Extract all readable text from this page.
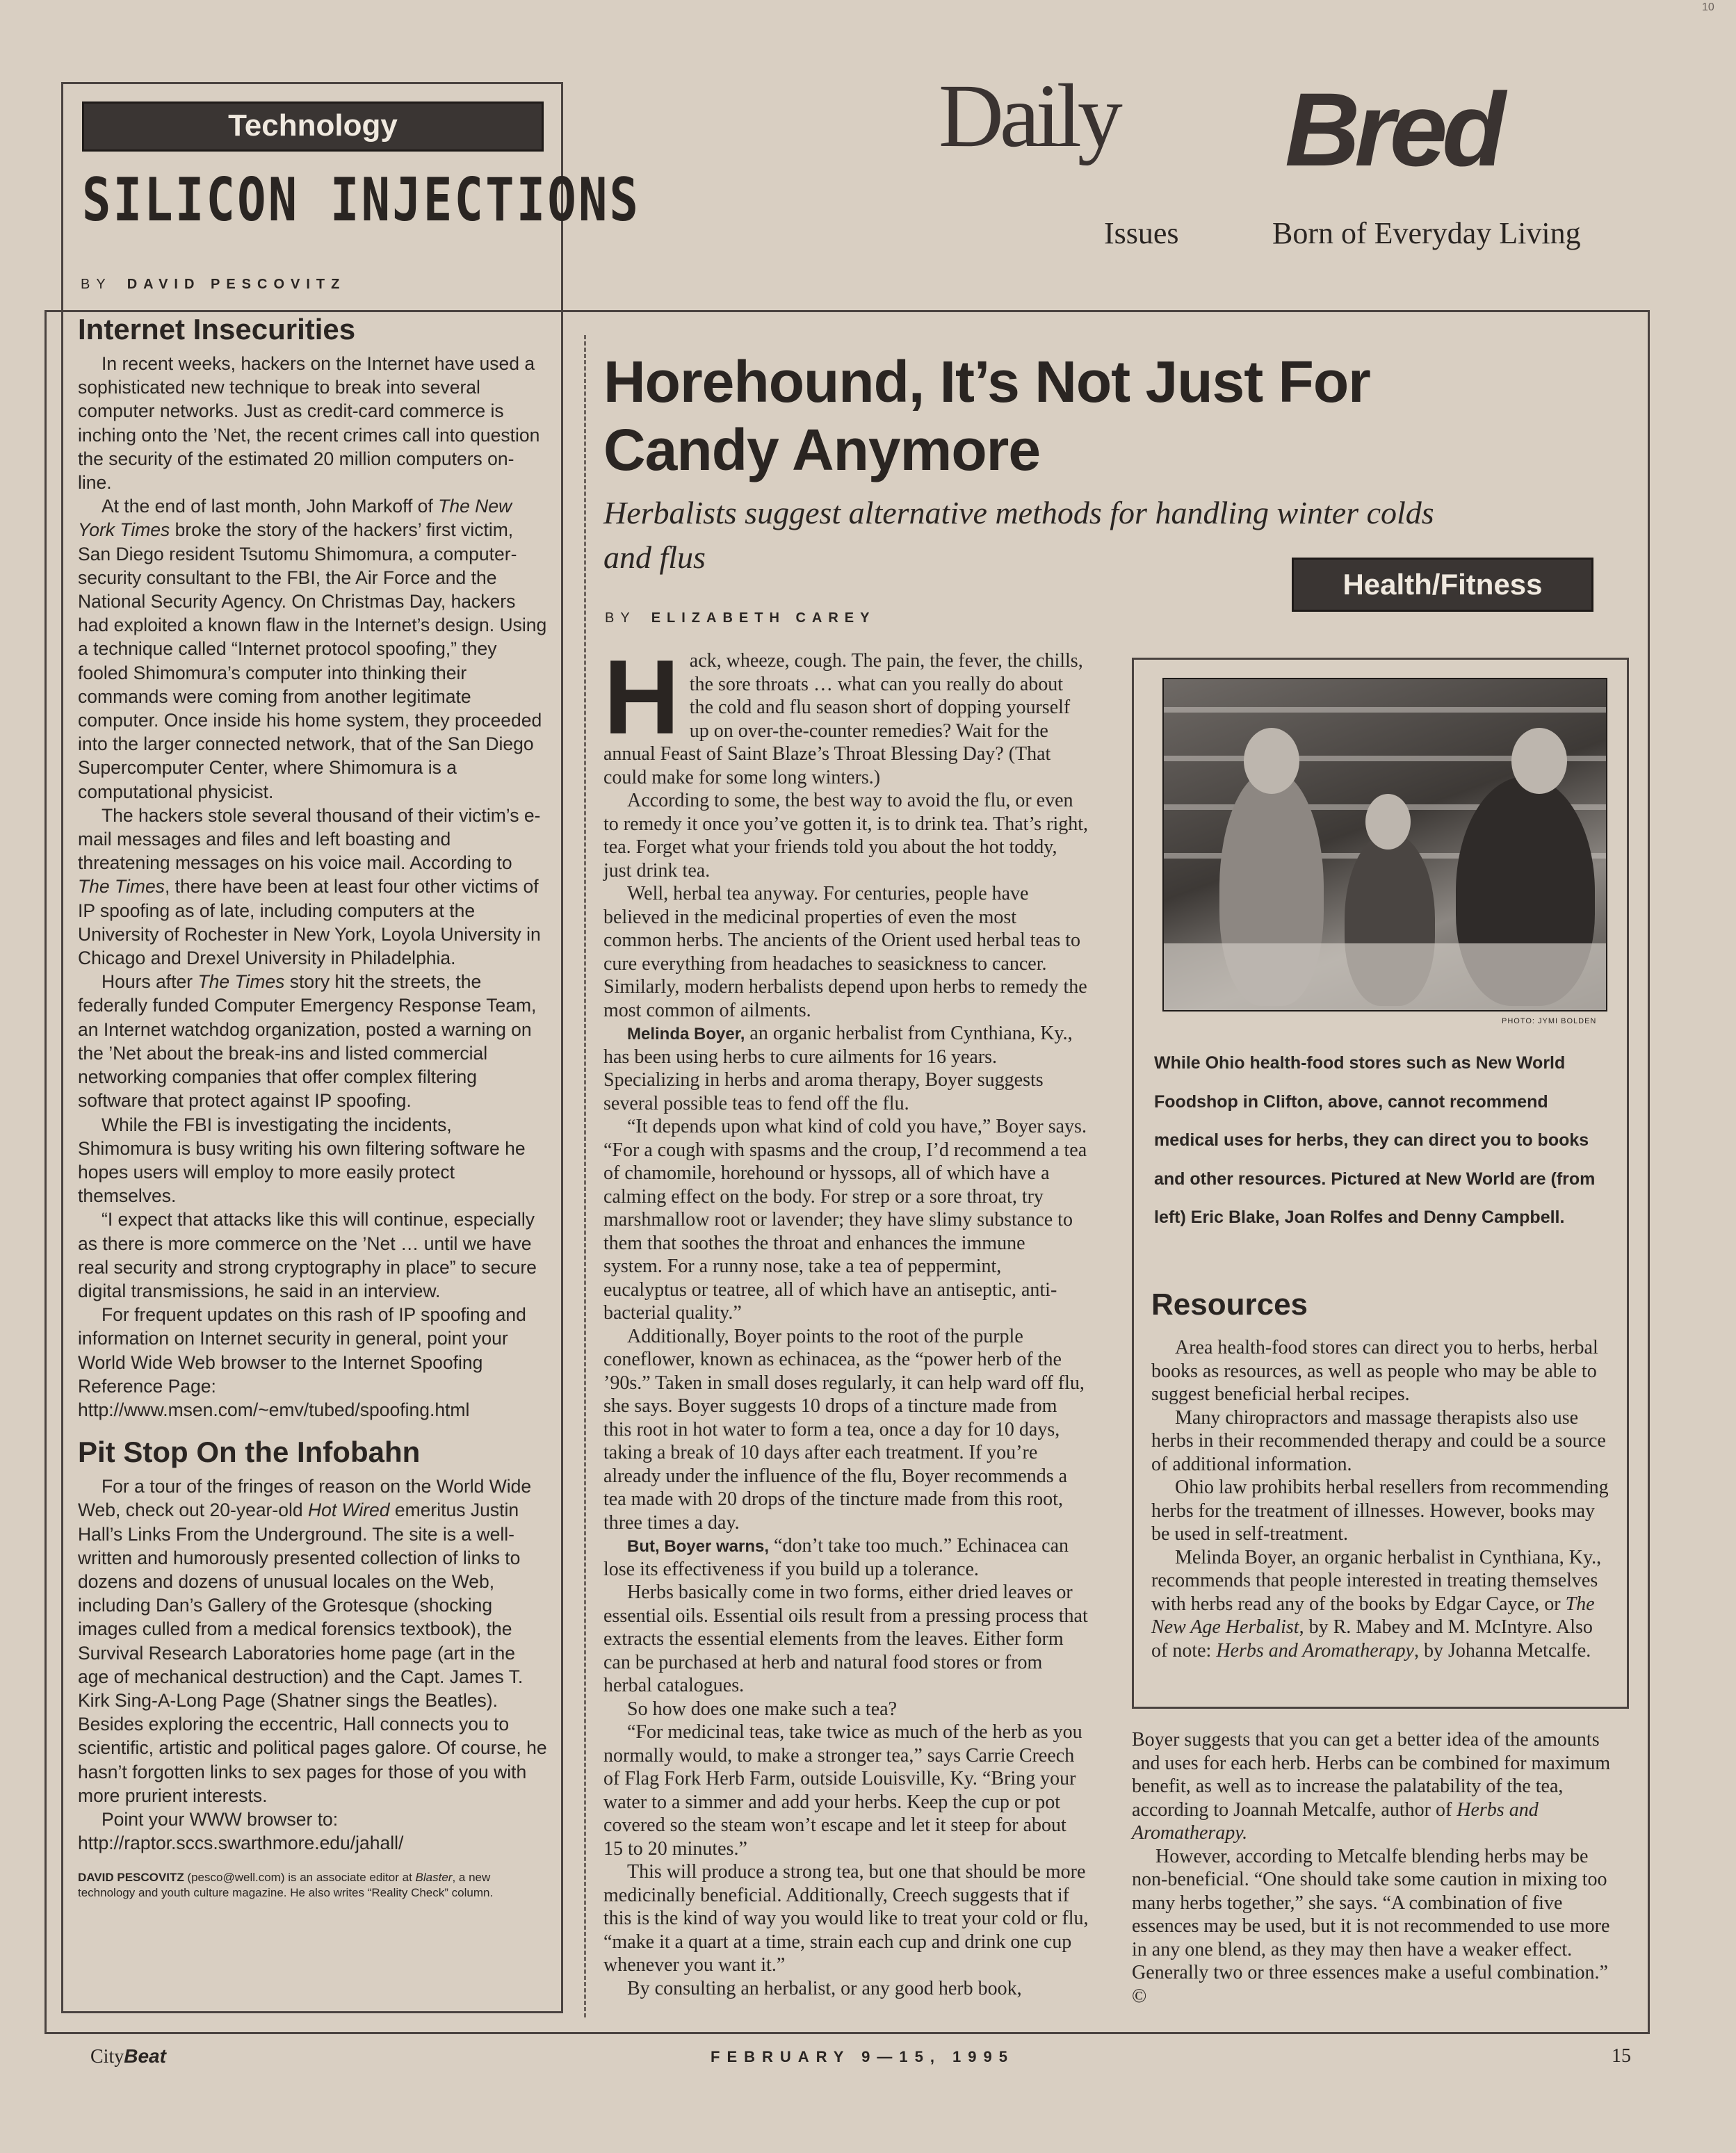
10
Technology
SILICON INJECTIONS
BY DAVID PESCOVITZ
Internet Insecurities

In recent weeks, hackers on the Internet have used a sophisticated new technique to break into several computer networks. Just as credit-card commerce is inching onto the ’Net, the recent crimes call into question the security of the estimated 20 million computers on-line.

At the end of last month, John Markoff of The New York Times broke the story of the hackers’ first victim, San Diego resident Tsutomu Shimomura, a computer-security consultant to the FBI, the Air Force and the National Security Agency. On Christmas Day, hackers had exploited a known flaw in the Internet’s design. Using a technique called “Internet protocol spoofing,” they fooled Shimomura’s computer into thinking their commands were coming from another legitimate computer. Once inside his home system, they proceeded into the larger connected network, that of the San Diego Supercomputer Center, where Shimomura is a computational physicist.

The hackers stole several thousand of their victim’s e-mail messages and files and left boasting and threatening messages on his voice mail. According to The Times, there have been at least four other victims of IP spoofing as of late, including computers at the University of Rochester in New York, Loyola University in Chicago and Drexel University in Philadelphia.

Hours after The Times story hit the streets, the federally funded Computer Emergency Response Team, an Internet watchdog organization, posted a warning on the ’Net about the break-ins and listed commercial networking companies that offer complex filtering software that protect against IP spoofing.

While the FBI is investigating the incidents, Shimomura is busy writing his own filtering software he hopes users will employ to more easily protect themselves.

“I expect that attacks like this will continue, especially as there is more commerce on the ’Net … until we have real security and strong cryptography in place” to secure digital transmissions, he said in an interview.

For frequent updates on this rash of IP spoofing and information on Internet security in general, point your World Wide Web browser to the Internet Spoofing Reference Page:

http://www.msen.com/~emv/tubed/spoofing.html

Pit Stop On the Infobahn

For a tour of the fringes of reason on the World Wide Web, check out 20-year-old Hot Wired emeritus Justin Hall’s Links From the Underground. The site is a well-written and humorously presented collection of links to dozens and dozens of unusual locales on the Web, including Dan’s Gallery of the Grotesque (shocking images culled from a medical forensics textbook), the Survival Research Laboratories home page (art in the age of mechanical destruction) and the Capt. James T. Kirk Sing-A-Long Page (Shatner sings the Beatles). Besides exploring the eccentric, Hall connects you to scientific, artistic and political pages galore. Of course, he hasn’t forgotten links to sex pages for those of you with more prurient interests.

Point your WWW browser to:

http://raptor.sccs.swarthmore.edu/jahall/

DAVID PESCOVITZ (pesco@well.com) is an associate editor at Blaster, a new technology and youth culture magazine. He also writes “Reality Check” column.

Daily Bred
Issues	Born of Everyday Living
Horehound, It’s Not Just For Candy Anymore

Herbalists suggest alternative methods for handling winter colds and flus

Health/Fitness
BY ELIZABETH CAREY

Hack, wheeze, cough. The pain, the fever, the chills, the sore throats … what can you really do about the cold and flu season short of dopping yourself up on over-the-counter remedies? Wait for the annual Feast of Saint Blaze’s Throat Blessing Day? (That could make for some long winters.)

According to some, the best way to avoid the flu, or even to remedy it once you’ve gotten it, is to drink tea. That’s right, tea. Forget what your friends told you about the hot toddy, just drink tea.

Well, herbal tea anyway. For centuries, people have believed in the medicinal properties of even the most common herbs. The ancients of the Orient used herbal teas to cure everything from headaches to seasickness to cancer. Similarly, modern herbalists depend upon herbs to remedy the most common of ailments.

Melinda Boyer, an organic herbalist from Cynthiana, Ky., has been using herbs to cure ailments for 16 years. Specializing in herbs and aroma therapy, Boyer suggests several possible teas to fend off the flu.

“It depends upon what kind of cold you have,” Boyer says. “For a cough with spasms and the croup, I’d recommend a tea of chamomile, horehound or hyssops, all of which have a calming effect on the body. For strep or a sore throat, try marshmallow root or lavender; they have slimy substance to them that soothes the throat and enhances the immune system. For a runny nose, take a tea of peppermint, eucalyptus or teatree, all of which have an antiseptic, anti-bacterial quality.”

Additionally, Boyer points to the root of the purple coneflower, known as echinacea, as the “power herb of the ’90s.” Taken in small doses regularly, it can help ward off flu, she says. Boyer suggests 10 drops of a tincture made from this root in hot water to form a tea, once a day for 10 days, taking a break of 10 days after each treatment. If you’re already under the influence of the flu, Boyer recommends a tea made with 20 drops of the tincture made from this root, three times a day.

But, Boyer warns, “don’t take too much.” Echinacea can lose its effectiveness if you build up a tolerance.

Herbs basically come in two forms, either dried leaves or essential oils. Essential oils result from a pressing process that extracts the essential elements from the leaves. Either form can be purchased at herb and natural food stores or from herbal catalogues.

So how does one make such a tea?

“For medicinal teas, take twice as much of the herb as you normally would, to make a stronger tea,” says Carrie Creech of Flag Fork Herb Farm, outside Louisville, Ky. “Bring your water to a simmer and add your herbs. Keep the cup or pot covered so the steam won’t escape and let it steep for about 15 to 20 minutes.”

This will produce a strong tea, but one that should be more medicinally beneficial. Additionally, Creech suggests that if this is the kind of way you would like to treat your cold or flu, “make it a quart at a time, strain each cup and drink one cup whenever you want it.”

By consulting an herbalist, or any good herb book,

PHOTO: JYMI BOLDEN

While Ohio health-food stores such as New World Foodshop in Clifton, above, cannot recommend medical uses for herbs, they can direct you to books and other resources. Pictured at New World are (from left) Eric Blake, Joan Rolfes and Denny Campbell.

Resources

Area health-food stores can direct you to herbs, herbal books as resources, as well as people who may be able to suggest beneficial herbal recipes.

Many chiropractors and massage therapists also use herbs in their recommended therapy and could be a source of additional information.

Ohio law prohibits herbal resellers from recommending herbs for the treatment of illnesses. However, books may be used in self-treatment.

Melinda Boyer, an organic herbalist in Cynthiana, Ky., recommends that people interested in treating themselves with herbs read any of the books by Edgar Cayce, or The New Age Herbalist, by R. Mabey and M. McIntyre. Also of note: Herbs and Aromatherapy, by Johanna Metcalfe.

Boyer suggests that you can get a better idea of the amounts and uses for each herb. Herbs can be combined for maximum benefit, as well as to increase the palatability of the tea, according to Joannah Metcalfe, author of Herbs and Aromatherapy.

However, according to Metcalfe blending herbs may be non-beneficial. “One should take some caution in mixing too many herbs together,” she says. “A combination of five essences may be used, but it is not recommended to use more in any one blend, as they may then have a weaker effect. Generally two or three essences make a useful combination.” ©

CityBeat	FEBRUARY 9—15, 1995	15
